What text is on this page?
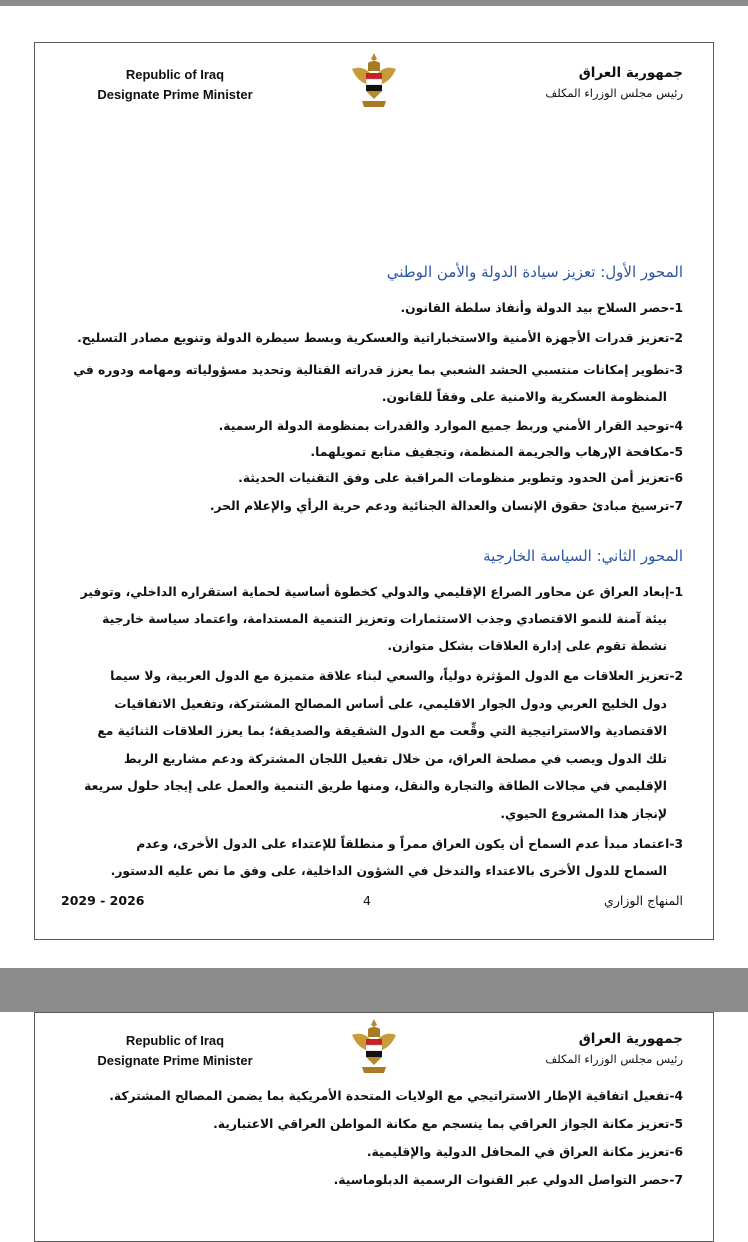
Republic of Iraq
Designate Prime Minister
جمهورية العراق
رئيس مجلس الوزراء المكلف
المحور الأول: تعزيز سيادة الدولة والأمن الوطني
1-حصر السلاح بيد الدولة وأنفاذ سلطة القانون.
2-تعزيز قدرات الأجهزة الأمنية والاستخباراتية والعسكرية وبسط سيطرة الدولة وتنويع مصادر التسليح.
3-تطوير إمكانات منتسبي الحشد الشعبي بما يعزز قدراته القتالية وتحديد مسؤولياته ومهامه ودوره في
المنظومة العسكرية والامنية على وفقاً للقانون.
4-توحيد القرار الأمني وربط جميع الموارد والقدرات بمنظومة الدولة الرسمية.
5-مكافحة الإرهاب والجريمة المنظمة، وتجفيف منابع تمويلهما.
6-تعزيز أمن الحدود وتطوير منظومات المراقبة على وفق التقنيات الحديثة.
7-ترسيخ مبادئ حقوق الإنسان والعدالة الجنائية ودعم حرية الرأي والإعلام الحر.
المحور الثاني: السياسة الخارجية
1-إبعاد العراق عن محاور الصراع الإقليمي والدولي كخطوة أساسية لحماية استقراره الداخلي، وتوفير
بيئة آمنة للنمو الاقتصادي وجذب الاستثمارات وتعزيز التنمية المستدامة، واعتماد سياسة خارجية
نشطة تقوم على إدارة العلاقات بشكل متوازن.
2-تعزيز العلاقات مع الدول المؤثرة دولياً، والسعي لبناء علاقة متميزة مع الدول العربية، ولا سيما
دول الخليج العربي ودول الجوار الاقليمي، على أساس المصالح المشتركة، وتفعيل الاتفاقيات
الاقتصادية والاستراتيجية التي وقِّعت مع الدول الشقيقة والصديقة؛ بما يعزز العلاقات الثنائية مع
تلك الدول ويصب في مصلحة العراق، من خلال تفعيل اللجان المشتركة ودعم مشاريع الربط
الإقليمي في مجالات الطاقة والتجارة والنقل، ومنها طريق التنمية والعمل على إيجاد حلول سريعة
لإنجاز هذا المشروع الحيوي.
3-اعتماد مبدأ عدم السماح أن يكون العراق ممراً و منطلقاً للإعتداء على الدول الأخرى، وعدم
السماح للدول الأخرى بالاعتداء والتدخل في الشؤون الداخلية، على وفق ما نص عليه الدستور.
2029 - 2026	4	المنهاج الوزاري
Republic of Iraq
Designate Prime Minister
جمهورية العراق
رئيس مجلس الوزراء المكلف
4-تفعيل اتفاقية الإطار الاستراتيجي مع الولايات المتحدة الأمريكية بما يضمن المصالح المشتركة.
5-تعزيز مكانة الجواز العراقي بما ينسجم مع مكانة المواطن العراقي الاعتبارية.
6-تعزيز مكانة العراق في المحافل الدولية والإقليمية.
7-حصر التواصل الدولي عبر القنوات الرسمية الدبلوماسية.
